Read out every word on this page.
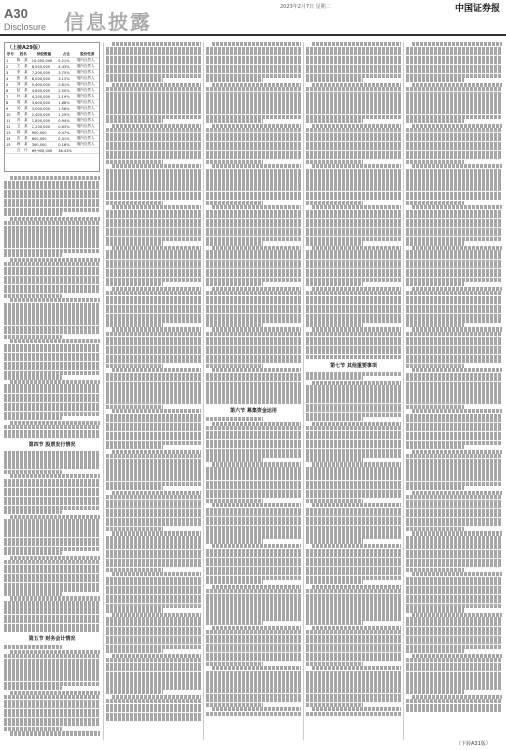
2023年2月7日 星期二	中国证券报
A30
Disclosure 信息披露
（上接A29版）
序号	姓名	持股数量	占比	股份性质
1	陈　某	10,000,000	5.21%	境内自然人
2	王　某	8,500,000	4.43%	境内自然人
3	李　某	7,200,000	3.75%	境内自然人
4	张　某	6,000,000	3.13%	境内自然人
5	刘　某	5,400,000	2.81%	境内自然人
6	赵　某	4,800,000	2.50%	境内自然人
7	孙　某	4,200,000	2.19%	境内自然人
8	周　某	3,600,000	1.88%	境内自然人
9	吴　某	3,000,000	1.56%	境内自然人
10	郑　某	2,400,000	1.25%	境内自然人
11	冯　某	1,800,000	0.94%	境内自然人
12	卫　某	1,200,000	0.63%	境内自然人
13	蒋　某	900,000	0.47%	境内自然人
14	沈　某	600,000	0.31%	境内自然人
15	韩　某	300,000	0.16%	境内自然人
	合　计	69,900,000	36.43%	
第四节 股票发行情况
第五节 财务会计情况
第六节 募集资金运用
第七节 其他重要事项
（下转A31版）
